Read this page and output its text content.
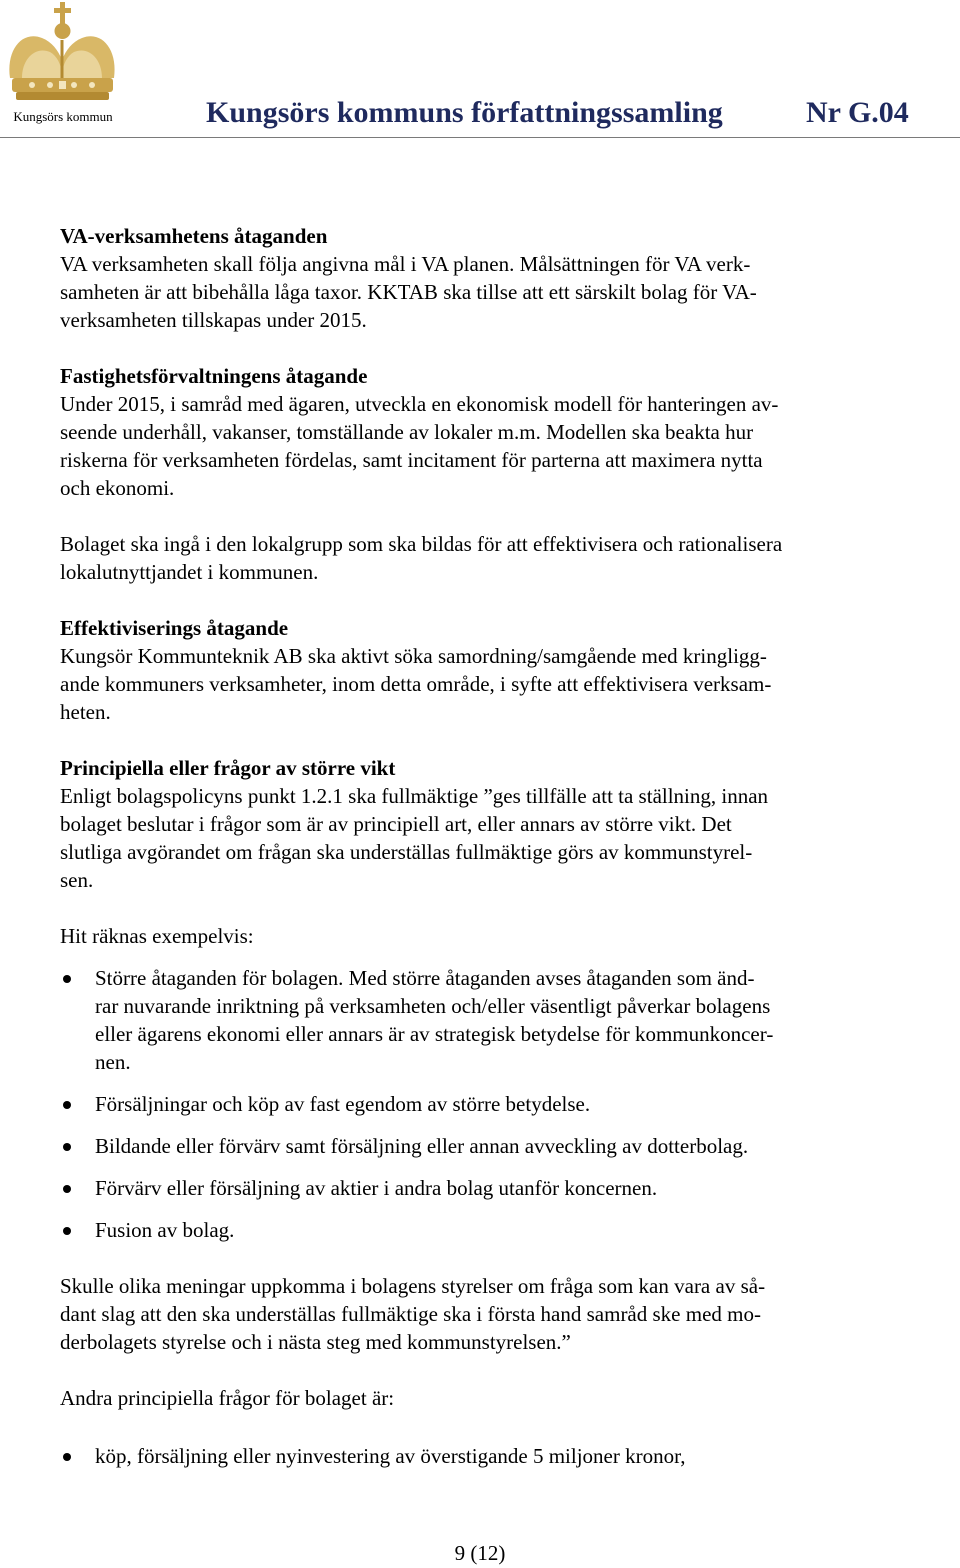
Kungsörs kommun	Kungsörs kommuns författningssamling	Nr G.04

VA-verksamhetens åtaganden

VA verksamheten skall följa angivna mål i VA planen. Målsättningen för VA verk-

samheten är att bibehålla låga taxor. KKTAB ska tillse att ett särskilt bolag för VA-

verksamheten tillskapas under 2015.

Fastighetsförvaltningens åtagande

Under 2015, i samråd med ägaren, utveckla en ekonomisk modell för hanteringen av-

seende underhåll, vakanser, tomställande av lokaler m.m. Modellen ska beakta hur

riskerna för verksamheten fördelas, samt incitament för parterna att maximera nytta

och ekonomi.

Bolaget ska ingå i den lokalgrupp som ska bildas för att effektivisera och rationalisera

lokalutnyttjandet i kommunen.

Effektiviserings åtagande

Kungsör Kommunteknik AB ska aktivt söka samordning/samgående med kringligg-

ande kommuners verksamheter, inom detta område, i syfte att effektivisera verksam-

heten.

Principiella eller frågor av större vikt

Enligt bolagspolicyns punkt 1.2.1 ska fullmäktige ”ges tillfälle att ta ställning, innan

bolaget beslutar i frågor som är av principiell art, eller annars av större vikt. Det

slutliga avgörandet om frågan ska underställas fullmäktige görs av kommunstyrel-

sen.

Hit räknas exempelvis:

Större åtaganden för bolagen. Med större åtaganden avses åtaganden som änd-

rar nuvarande inriktning på verksamheten och/eller väsentligt påverkar bolagens

eller ägarens ekonomi eller annars är av strategisk betydelse för kommunkoncer-

nen.

Försäljningar och köp av fast egendom av större betydelse.

Bildande eller förvärv samt försäljning eller annan avveckling av dotterbolag.

Förvärv eller försäljning av aktier i andra bolag utanför koncernen.

Fusion av bolag.

Skulle olika meningar uppkomma i bolagens styrelser om fråga som kan vara av så-

dant slag att den ska underställas fullmäktige ska i första hand samråd ske med mo-

derbolagets styrelse och i nästa steg med kommunstyrelsen.”

Andra principiella frågor för bolaget är:

köp, försäljning eller nyinvestering av överstigande 5 miljoner kronor,

9 (12)
